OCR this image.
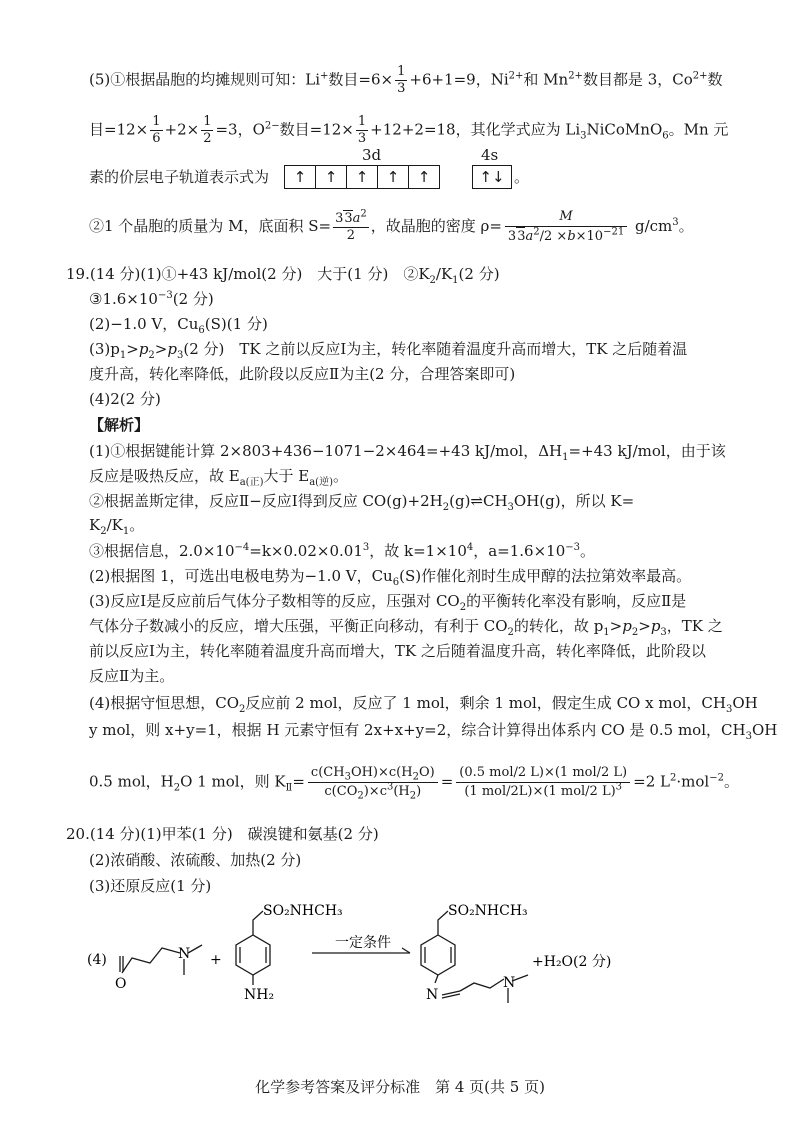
(5)①根据晶胞的均摊规则可知：Li+数目$=6\times \frac{1}{3} +6+1=9$，$Ni^{2+}$和 $Mn^{2+}$数目都是 3，$Co^{2+}$数
目$=12\times \frac{1}{6} +2\times \frac{1}{2} =3$，$O^{2-}$数目$=12\times \frac{1}{3} +12+2=18$，其化学式应为 $Li_3NiCoMnO_6$。Mn 元
素的价层电子轨道表示式为
3d
↑	↑	↑	↑	↑
4s
↑↓ 。
②1 个晶胞的质量为 M，底面积 $S= \frac{33a^2}{2}$ ，故晶胞的密度 $\rho= \frac{M}{33a^2/2 \times b\times 10^{-21}} g/cm^3$。
19.(14 分)(1)①+43 kJ/mol(2 分)　大于(1 分)　$②K_2/K_1(2$ 分)
$③1.6\times 10^{-3}(2$ 分)
(2)−1.0 V，$Cu_6(S)(1$ 分)
$(3)p_1>p_2>p_3(2$ 分)　TK 之前以反应Ⅰ为主，转化率随着温度升高而增大，TK 之后随着温
度升高，转化率降低，此阶段以反应Ⅱ为主(2 分，合理答案即可)
(4)2(2 分)
【解析】
(1)①根据键能计算 2×803+436−1071−2×464=+43 kJ/mol，$\Delta H_1=+43$ kJ/mol，由于该
反应是吸热反应，故 $E_{a(正)}$大于 $E_{a(逆)}$。
②根据盖斯定律，反应Ⅱ−反应Ⅰ得到反应 $CO(g)+2H_2(g)\rightleftharpoons CH_3OH(g)$，所以 K=
$K_2/K_1$。
③根据信息，$2.0\times 10^{-4}=k\times 0.02\times 0.01^3$，故 $k=1\times 10^4$，$a=1.6\times 10^{-3}$。
(2)根据图 1，可选出电极电势为−1.0 V，$Cu_6(S)$作催化剂时生成甲醇的法拉第效率最高。
(3)反应Ⅰ是反应前后气体分子数相等的反应，压强对 $CO_2$的平衡转化率没有影响，反应Ⅱ是
气体分子数减小的反应，增大压强，平衡正向移动，有利于 $CO_2$的转化，故 $p_1>p_2>p_3$，TK 之
前以反应Ⅰ为主，转化率随着温度升高而增大，TK 之后随着温度升高，转化率降低，此阶段以
反应Ⅱ为主。
(4)根据守恒思想，$CO_2$反应前 2 mol，反应了 1 mol，剩余 1 mol，假定生成 CO x mol，$CH_3OH$
y mol，则 x+y=1，根据 H 元素守恒有 2x+x+y=2，综合计算得出体系内 CO 是 0.5 mol，$CH_3OH$
0.5 mol，$H_2O$ 1 mol，则 $K_Ⅱ= \frac{c(CH_3OH)\times c(H_2O)}{c(CO_2)\times c^3(H_2)} = \frac{\text{(0.5 mol/2 L)×(1 mol/2 L)}}{(1 mol/2L)\times(1 mol/2 L)^3} =2$ $L^2\cdot mol^{-2}$。
20.(14 分)(1)甲苯(1 分)　碳溴键和氨基(2 分)
(2)浓硝酸、浓硫酸、加热(2 分)
(3)还原反应(1 分)
(4)
O
N +
SO₂NHCH₃
NH₂
一定条件
SO₂NHCH₃
N
N
+H₂O(2 分)
化学参考答案及评分标准　第 4 页(共 5 页)
